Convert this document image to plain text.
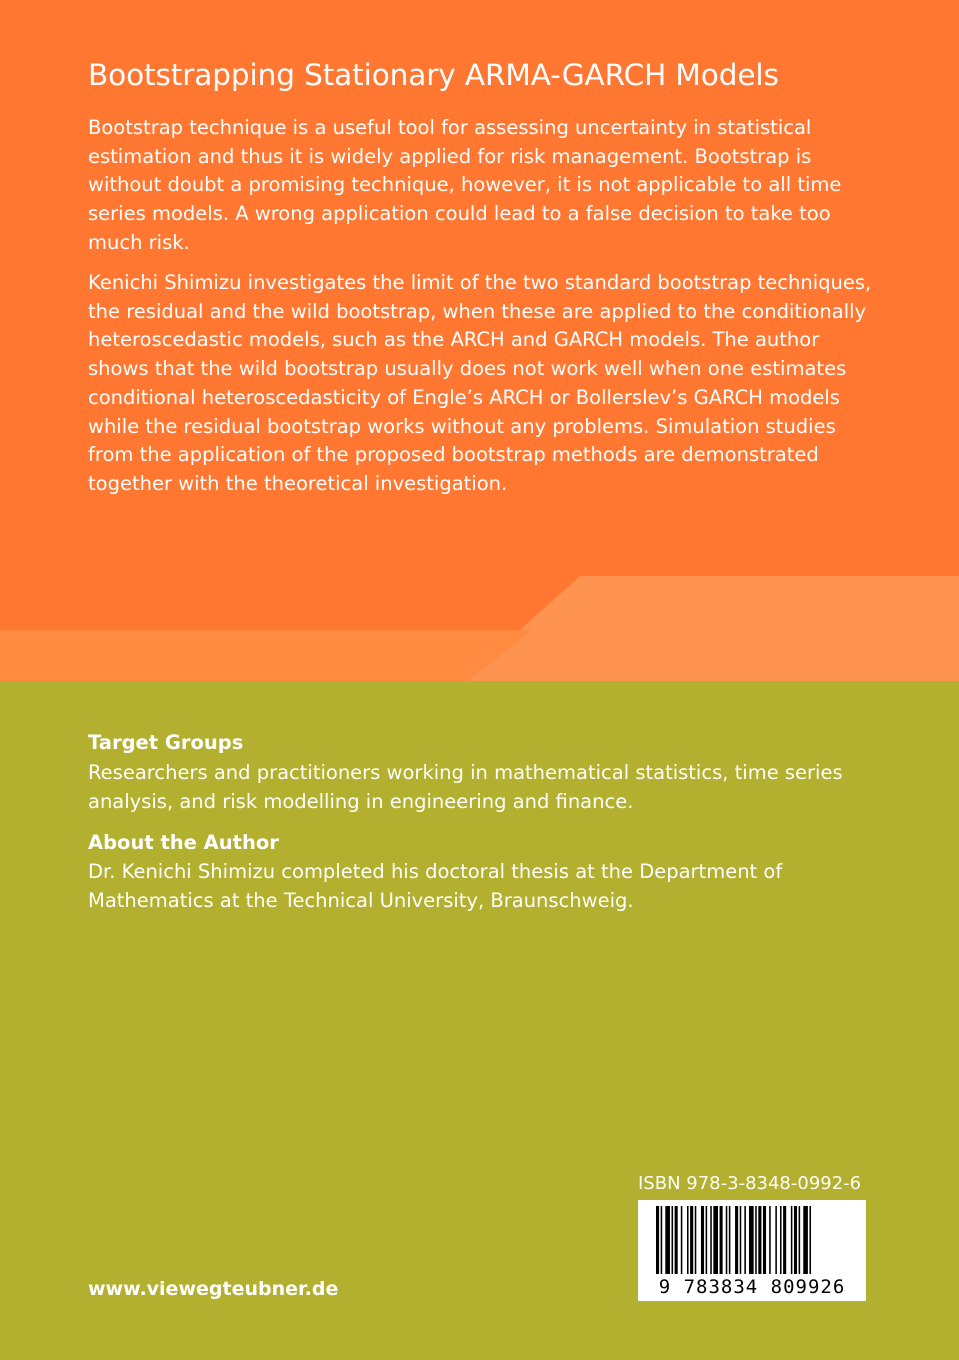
Bootstrapping Stationary ARMA-GARCH Models

Bootstrap technique is a useful tool for assessing uncertainty in statistical estimation and thus it is widely applied for risk management. Bootstrap is without doubt a promising technique, however, it is not applicable to all time series models. A wrong application could lead to a false decision to take too much risk.

Kenichi Shimizu investigates the limit of the two standard bootstrap techniques, the residual and the wild bootstrap, when these are applied to the conditionally heteroscedastic models, such as the ARCH and GARCH models. The author shows that the wild bootstrap usually does not work well when one estimates conditional heteroscedasticity of Engle’s ARCH or Bollerslev’s GARCH models while the residual bootstrap works without any problems. Simulation studies from the application of the proposed bootstrap methods are demonstrated together with the theoretical investigation.

Target Groups

Researchers and practitioners working in mathematical statistics, time series analysis, and risk modelling in engineering and finance.

About the Author

Dr. Kenichi Shimizu completed his doctoral thesis at the Department of Mathematics at the Technical University, Braunschweig.

ISBN 978-3-8348-0992-6
9 783834 809926
www.viewegteubner.de
